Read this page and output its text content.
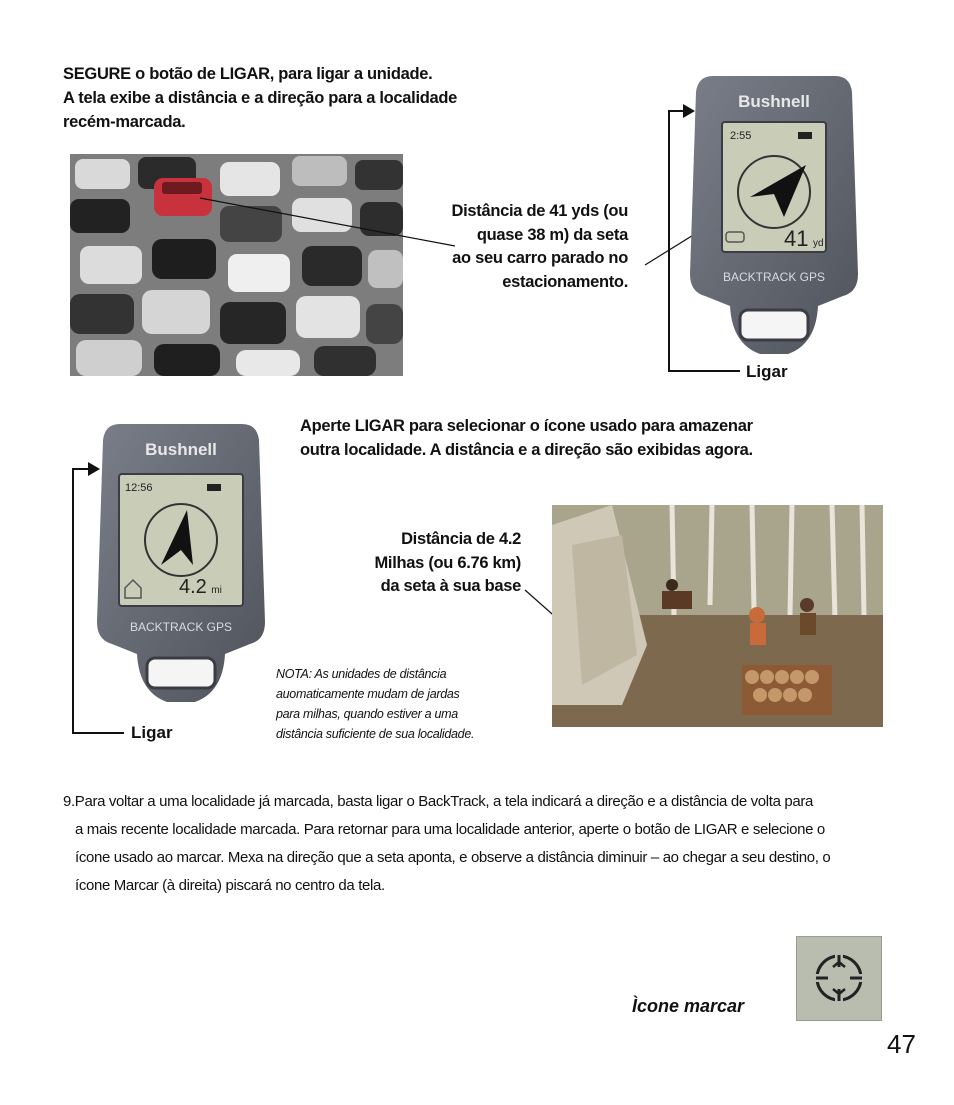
SEGURE o botão de LIGAR, para ligar a unidade.
A tela exibe a distância e a direção para a localidade
recém-marcada.
Distância de 41 yds (ou
quase 38 m) da seta
ao seu carro parado no
estacionamento.
Bushnell
2:55
41 yd
BACKTRACK GPS
Ligar
Aperte LIGAR para selecionar o ícone usado para amazenar
outra localidade. A distância e a direção são exibidas agora.
Bushnell
12:56
4.2 mi
BACKTRACK GPS
Ligar
Distância de 4.2
Milhas (ou 6.76 km)
da seta à sua base
NOTA: As unidades de distância
auomaticamente mudam de jardas
para milhas, quando estiver a uma
distância suficiente de sua localidade.
9.Para voltar a uma localidade já marcada, basta ligar o BackTrack, a tela indicará a direção e a distância de volta para
a mais recente localidade marcada. Para retornar para uma localidade anterior, aperte o botão de LIGAR e selecione o
ícone usado ao marcar. Mexa na direção que a seta aponta, e observe a distância diminuir – ao chegar a seu destino, o
ícone Marcar (à direita) piscará no centro da tela.
Ìcone marcar
47
